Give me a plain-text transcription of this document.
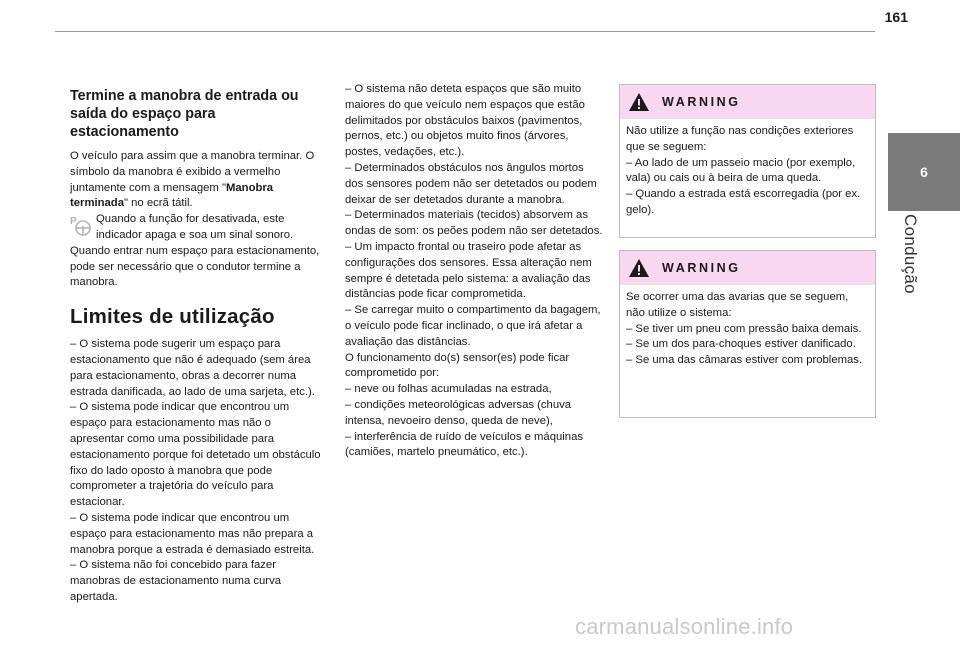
161
6
Condução
Termine a manobra de entrada ou saída do espaço para estacionamento

O veículo para assim que a manobra terminar. O símbolo da manobra é exibido a vermelho juntamente com a mensagem "Manobra terminada" no ecrã tátil.

P Quando a função for desativada, este indicador apaga e soa um sinal sonoro.

Quando entrar num espaço para estacionamento, pode ser necessário que o condutor termine a manobra.

Limites de utilização

– O sistema pode sugerir um espaço para estacionamento que não é adequado (sem área para estacionamento, obras a decorrer numa estrada danificada, ao lado de uma sarjeta, etc.).

– O sistema pode indicar que encontrou um espaço para estacionamento mas não o apresentar como uma possibilidade para estacionamento porque foi detetado um obstáculo fixo do lado oposto à manobra que pode comprometer a trajetória do veículo para estacionar.

– O sistema pode indicar que encontrou um espaço para estacionamento mas não prepara a manobra porque a estrada é demasiado estreita.

– O sistema não foi concebido para fazer manobras de estacionamento numa curva apertada.

– O sistema não deteta espaços que são muito maiores do que veículo nem espaços que estão delimitados por obstáculos baixos (pavimentos, pernos, etc.) ou objetos muito finos (árvores, postes, vedações, etc.).

– Determinados obstáculos nos ângulos mortos dos sensores podem não ser detetados ou podem deixar de ser detetados durante a manobra.

– Determinados materiais (tecidos) absorvem as ondas de som: os peões podem não ser detetados.

– Um impacto frontal ou traseiro pode afetar as configurações dos sensores. Essa alteração nem sempre é detetada pelo sistema: a avaliação das distâncias pode ficar comprometida.

– Se carregar muito o compartimento da bagagem, o veículo pode ficar inclinado, o que irá afetar a avaliação das distâncias.

O funcionamento do(s) sensor(es) pode ficar comprometido por:

– neve ou folhas acumuladas na estrada,

– condições meteorológicas adversas (chuva intensa, nevoeiro denso, queda de neve),

– interferência de ruído de veículos e máquinas (camiões, martelo pneumático, etc.).

WARNING
Não utilize a função nas condições exteriores que se seguem:
– Ao lado de um passeio macio (por exemplo, vala) ou cais ou à beira de uma queda.
– Quando a estrada está escorregadia (por ex. gelo).
WARNING
Se ocorrer uma das avarias que se seguem, não utilize o sistema:
– Se tiver um pneu com pressão baixa demais.
– Se um dos para-choques estiver danificado.
– Se uma das câmaras estiver com problemas.
carmanualsonline.info
